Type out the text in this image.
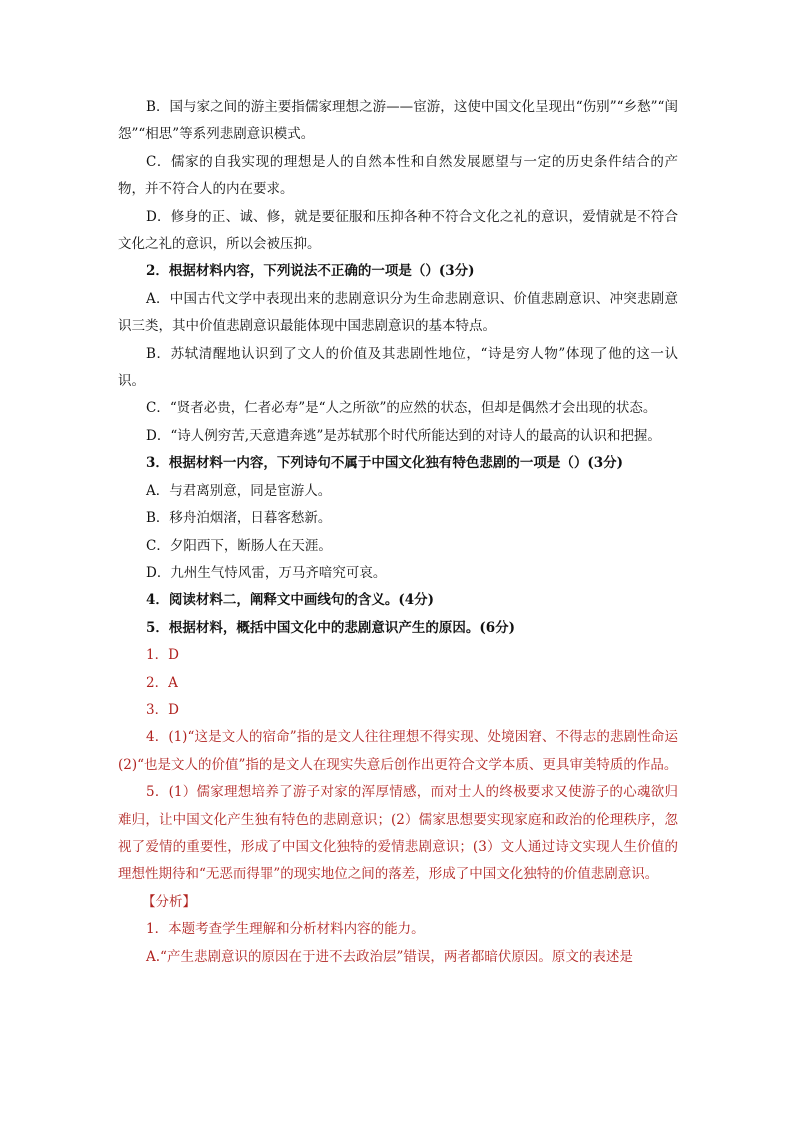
B．国与家之间的游主要指儒家理想之游——宦游，这使中国文化呈现出“伤别”“乡愁”“闺怨”“相思”等系列悲剧意识模式。

C．儒家的自我实现的理想是人的自然本性和自然发展愿望与一定的历史条件结合的产物，并不符合人的内在要求。

D．修身的正、诚、修，就是要征服和压抑各种不符合文化之礼的意识，爱情就是不符合文化之礼的意识，所以会被压抑。

2．根据材料内容，下列说法不正确的一项是（）(3分)

A．中国古代文学中表现出来的悲剧意识分为生命悲剧意识、价值悲剧意识、冲突悲剧意识三类，其中价值悲剧意识最能体现中国悲剧意识的基本特点。

B．苏轼清醒地认识到了文人的价值及其悲剧性地位，“诗是穷人物”体现了他的这一认识。

C．“贤者必贵，仁者必寿”是“人之所欲”的应然的状态，但却是偶然才会出现的状态。

D．“诗人例穷苦,天意遣奔逃”是苏轼那个时代所能达到的对诗人的最高的认识和把握。

3．根据材料一内容，下列诗句不属于中国文化独有特色悲剧的一项是（）(3分)

A．与君离别意，同是宦游人。

B．移舟泊烟渚，日暮客愁新。

C．夕阳西下，断肠人在天涯。

D．九州生气恃风雷，万马齐喑究可哀。

4．阅读材料二，阐释文中画线句的含义。(4分)

5．根据材料，概括中国文化中的悲剧意识产生的原因。(6分)

1．D

2．A

3．D

4．(1)“这是文人的宿命”指的是文人往往理想不得实现、处境困窘、不得志的悲剧性命运(2)“也是文人的价值”指的是文人在现实失意后创作出更符合文学本质、更具审美特质的作品。

5．(1）儒家理想培养了游子对家的浑厚情感，而对士人的终极要求又使游子的心魂欲归难归，让中国文化产生独有特色的悲剧意识；(2）儒家思想要实现家庭和政治的伦理秩序，忽视了爱情的重要性，形成了中国文化独特的爱情悲剧意识；(3）文人通过诗文实现人生价值的理想性期待和“无恶而得罪”的现实地位之间的落差，形成了中国文化独特的价值悲剧意识。

【分析】

1．本题考查学生理解和分析材料内容的能力。

A.“产生悲剧意识的原因在于进不去政治层”错误，两者都暗伏原因。原文的表述是
